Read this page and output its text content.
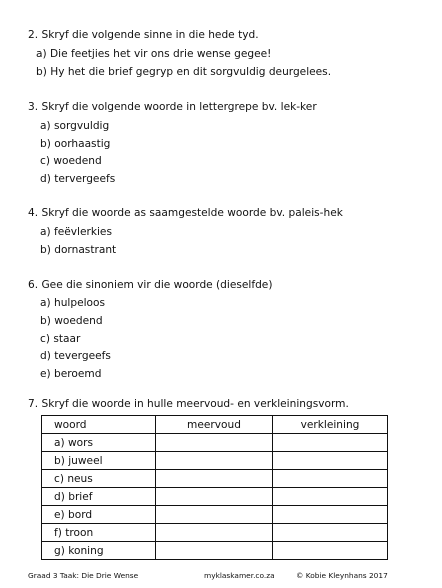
2. Skryf die volgende sinne in die hede tyd.
a) Die feetjies het vir ons drie wense gegee!
b) Hy het die brief gegryp en dit sorgvuldig deurgelees.
3. Skryf die volgende woorde in lettergrepe bv. lek-ker
a) sorgvuldig
b) oorhaastig
c) woedend
d) tervergeefs
4. Skryf die woorde as saamgestelde woorde bv. paleis-hek
a) feëvlerkies
b) dornastrant
6. Gee die sinoniem vir die woorde (dieselfde)
a) hulpeloos
b) woedend
c) staar
d) tevergeefs
e) beroemd
7. Skryf die woorde in hulle meervoud- en verkleiningsvorm.
woord	meervoud	verkleining
a) wors		
b) juweel		
c) neus		
d) brief		
e) bord		
f) troon		
g) koning		
Graad 3 Taak: Die Drie Wense	myklaskamer.co.za	© Kobie Kleynhans 2017
